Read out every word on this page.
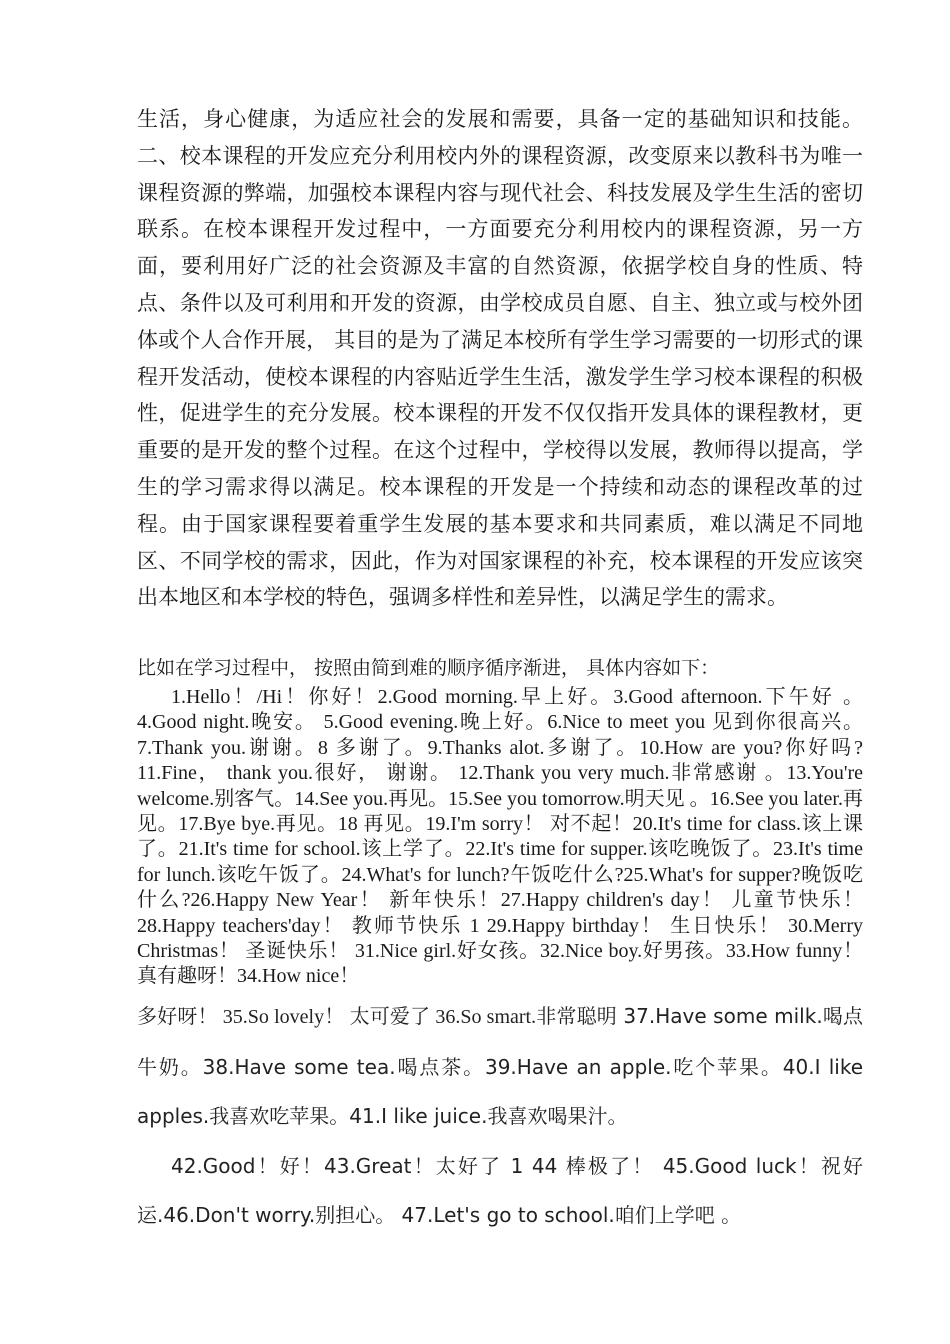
生活，身心健康，为适应社会的发展和需要，具备一定的基础知识和技能。二、校本课程的开发应充分利用校内外的课程资源，改变原来以教科书为唯一课程资源的弊端，加强校本课程内容与现代社会、科技发展及学生生活的密切联系。在校本课程开发过程中，一方面要充分利用校内的课程资源，另一方面，要利用好广泛的社会资源及丰富的自然资源，依据学校自身的性质、特点、条件以及可利用和开发的资源，由学校成员自愿、自主、独立或与校外团体或个人合作开展， 其目的是为了满足本校所有学生学习需要的一切形式的课程开发活动，使校本课程的内容贴近学生生活，激发学生学习校本课程的积极性，促进学生的充分发展。校本课程的开发不仅仅指开发具体的课程教材，更重要的是开发的整个过程。在这个过程中，学校得以发展，教师得以提高，学生的学习需求得以满足。校本课程的开发是一个持续和动态的课程改革的过程。由于国家课程要着重学生发展的基本要求和共同素质，难以满足不同地区、不同学校的需求，因此，作为对国家课程的补充，校本课程的开发应该突出本地区和本学校的特色，强调多样性和差异性，以满足学生的需求。

比如在学习过程中， 按照由简到难的顺序循序渐进， 具体内容如下：

1.Hello！/Hi！你好！2.Good morning.早上好。3.Good afternoon.下午好 。4.Good night.晚安。 5.Good evening.晚上好。6.Nice to meet you 见到你很高兴。7.Thank you.谢谢。8 多谢了。9.Thanks alot.多谢了。10.How are you?你好吗?11.Fine， thank you.很好， 谢谢。 12.Thank you very much.非常感谢 。13.You're welcome.别客气。14.See you.再见。15.See you tomorrow.明天见 。16.See you later.再见。17.Bye bye.再见。18 再见。19.I'm sorry！ 对不起！20.It's time for class.该上课了。21.It's time for school.该上学了。22.It's time for supper.该吃晚饭了。23.It's time for lunch.该吃午饭了。24.What's for lunch?午饭吃什么?25.What's for supper?晚饭吃什么?26.Happy New Year！ 新年快乐！27.Happy children's day！ 儿童节快乐！ 28.Happy teachers'day！ 教师节快乐 1 29.Happy birthday！ 生日快乐！ 30.Merry Christmas！ 圣诞快乐！ 31.Nice girl.好女孩。32.Nice boy.好男孩。33.How funny！真有趣呀！34.How nice！

多好呀！ 35.So lovely！ 太可爱了 36.So smart.非常聪明 37.Have some milk.喝点牛奶。38.Have some tea.喝点茶。39.Have an apple.吃个苹果。40.I like apples.我喜欢吃苹果。41.I like juice.我喜欢喝果汁。
42.Good！好！43.Great！太好了 1 44 棒极了！ 45.Good luck！祝好运.46.Don't worry.别担心。 47.Let's go to school.咱们上学吧 。
